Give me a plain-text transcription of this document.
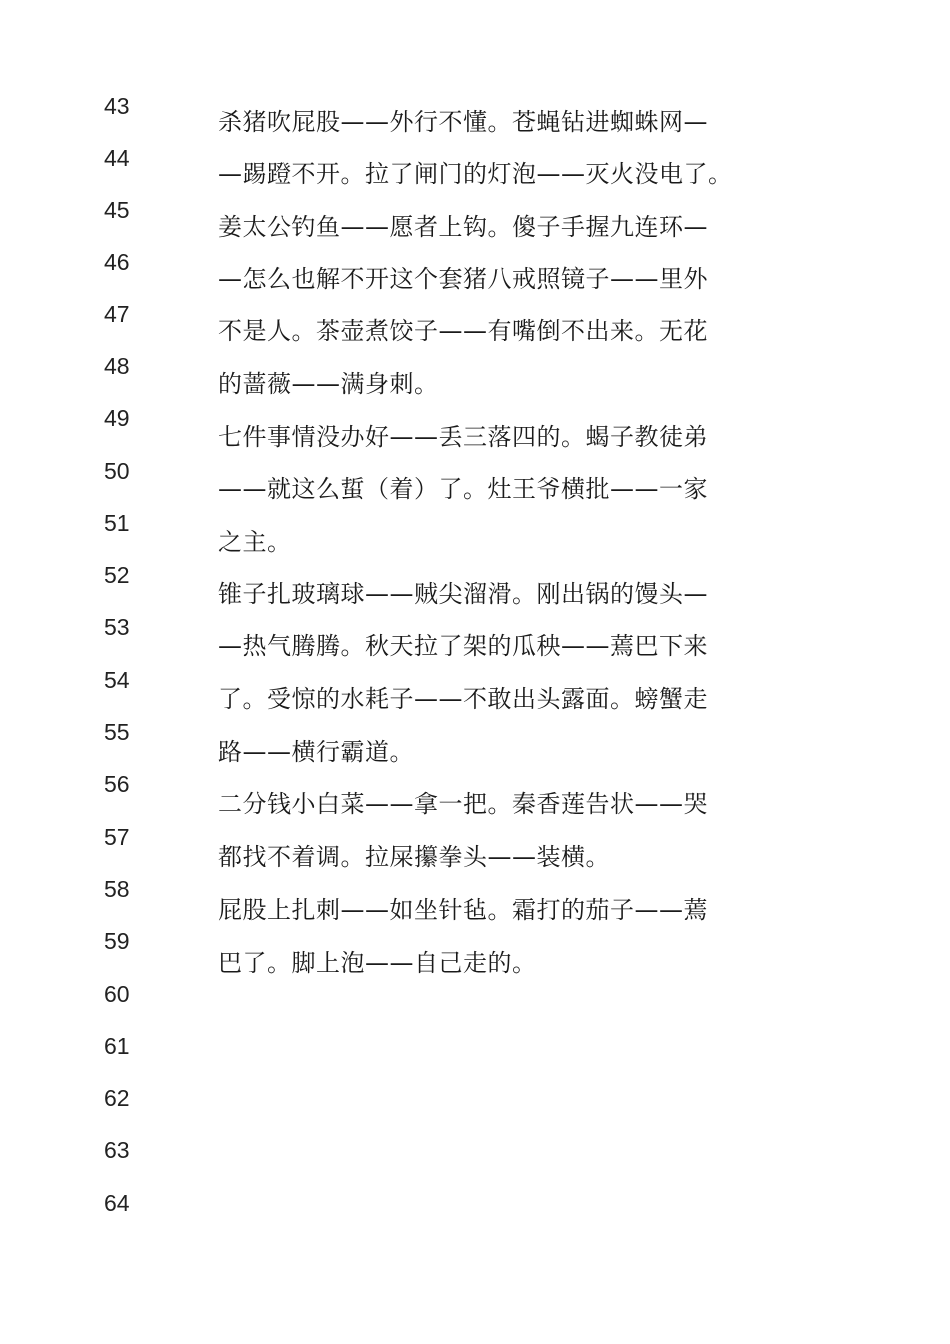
43
44
45
46
47
48
49
50
51
52
53
54
55
56
57
58
59
60
61
62
63
64
杀猪吹屁股——外行不懂。苍蝇钻进蜘蛛网—
—踢蹬不开。拉了闸门的灯泡——灭火没电了。
姜太公钓鱼——愿者上钩。傻子手握九连环—
—怎么也解不开这个套猪八戒照镜子——里外
不是人。茶壶煮饺子——有嘴倒不出来。无花
的蔷薇——满身刺。
七件事情没办好——丢三落四的。蝎子教徒弟
——就这么蜇（着）了。灶王爷横批——一家
之主。
锥子扎玻璃球——贼尖溜滑。刚出锅的馒头—
—热气腾腾。秋天拉了架的瓜秧——蔫巴下来
了。受惊的水耗子——不敢出头露面。螃蟹走
路——横行霸道。
二分钱小白菜——拿一把。秦香莲告状——哭
都找不着调。拉屎攥拳头——装横。
屁股上扎刺——如坐针毡。霜打的茄子——蔫
巴了。脚上泡——自己走的。
